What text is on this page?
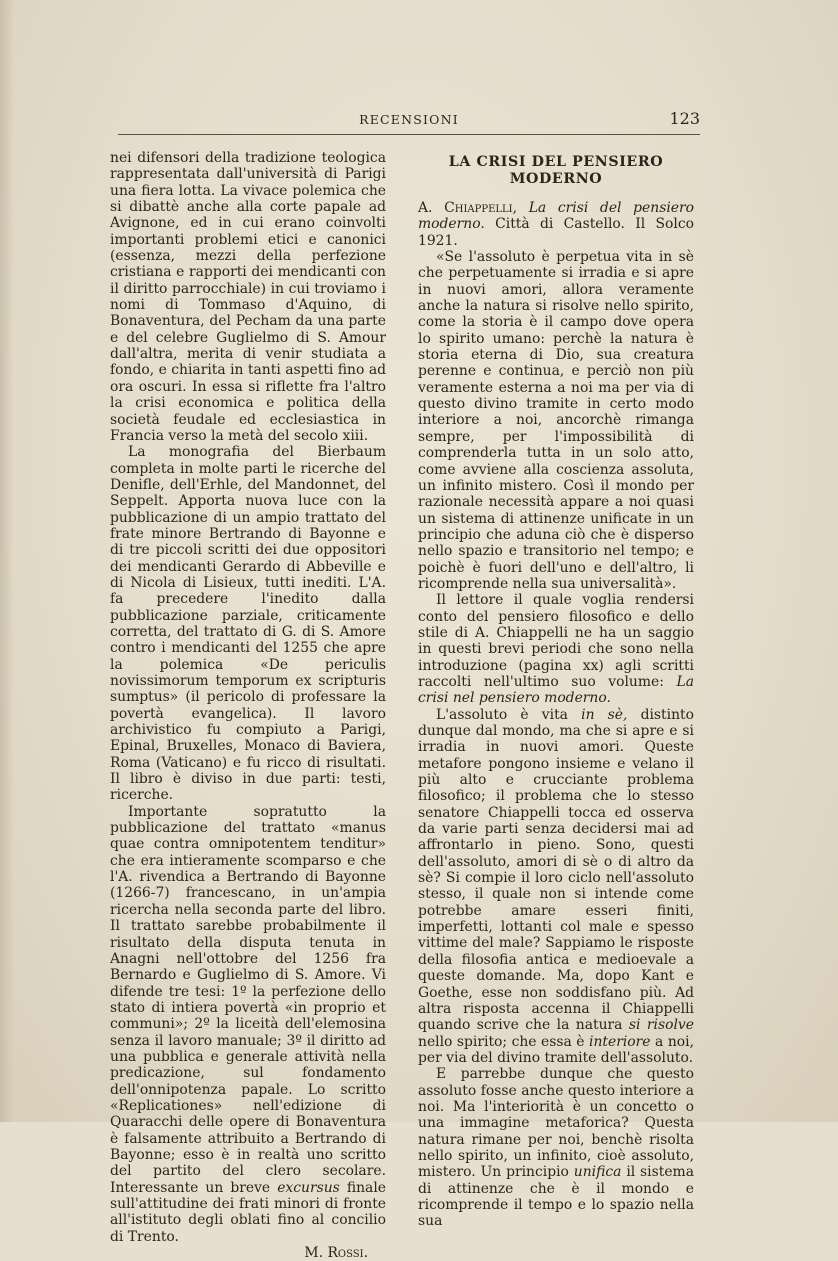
RECENSIONI	123

nei difensori della tradizione teologica rappresentata dall'università di Parigi una fiera lotta. La vivace polemica che si dibattè anche alla corte papale ad Avignone, ed in cui erano coinvolti importanti problemi etici e canonici (essenza, mezzi della perfezione cristiana e rapporti dei mendicanti con il diritto parrocchiale) in cui troviamo i nomi di Tommaso d'Aquino, di Bonaventura, del Pecham da una parte e del celebre Guglielmo di S. Amour dall'altra, merita di venir studiata a fondo, e chiarita in tanti aspetti fino ad ora oscuri. In essa si riflette fra l'altro la crisi economica e politica della società feudale ed ecclesiastica in Francia verso la metà del secolo xiii.

La monografia del Bierbaum completa in molte parti le ricerche del Denifle, dell'Erhle, del Mandonnet, del Seppelt. Apporta nuova luce con la pubblicazione di un ampio trattato del frate minore Bertrando di Bayonne e di tre piccoli scritti dei due oppositori dei mendicanti Gerardo di Abbeville e di Nicola di Lisieux, tutti inediti. L'A. fa precedere l'inedito dalla pubblicazione parziale, criticamente corretta, del trattato di G. di S. Amore contro i mendicanti del 1255 che apre la polemica «De periculis novissimorum temporum ex scripturis sumptus» (il pericolo di professare la povertà evangelica). Il lavoro archivistico fu compiuto a Parigi, Epinal, Bruxelles, Monaco di Baviera, Roma (Vaticano) e fu ricco di risultati. Il libro è diviso in due parti: testi, ricerche.

Importante sopratutto la pubblicazione del trattato «manus quae contra omnipotentem tenditur» che era intieramente scomparso e che l'A. rivendica a Bertrando di Bayonne (1266-7) francescano, in un'ampia ricercha nella seconda parte del libro. Il trattato sarebbe probabilmente il risultato della disputa tenuta in Anagni nell'ottobre del 1256 fra Bernardo e Guglielmo di S. Amore. Vi difende tre tesi: 1º la perfezione dello stato di intiera povertà «in proprio et communi»; 2º la liceità dell'elemosina senza il lavoro manuale; 3º il diritto ad una pubblica e generale attività nella predicazione, sul fondamento dell'onnipotenza papale. Lo scritto «Replicationes» nell'edizione di Quaracchi delle opere di Bonaventura è falsamente attribuito a Bertrando di Bayonne; esso è in realtà uno scritto del partito del clero secolare. Interessante un breve excursus finale sull'attitudine dei frati minori di fronte all'istituto degli oblati fino al concilio di Trento.

M. Rossi.
LA CRISI DEL PENSIERO MODERNO

A. Chiappelli, La crisi del pensiero moderno. Città di Castello. Il Solco 1921.

«Se l'assoluto è perpetua vita in sè che perpetuamente si irradia e si apre in nuovi amori, allora veramente anche la natura si risolve nello spirito, come la storia è il campo dove opera lo spirito umano: perchè la natura è storia eterna di Dio, sua creatura perenne e continua, e perciò non più veramente esterna a noi ma per via di questo divino tramite in certo modo interiore a noi, ancorchè rimanga sempre, per l'impossibilità di comprenderla tutta in un solo atto, come avviene alla coscienza assoluta, un infinito mistero. Così il mondo per razionale necessità appare a noi quasi un sistema di attinenze unificate in un principio che aduna ciò che è disperso nello spazio e transitorio nel tempo; e poichè è fuori dell'uno e dell'altro, li ricomprende nella sua universalità».

Il lettore il quale voglia rendersi conto del pensiero filosofico e dello stile di A. Chiappelli ne ha un saggio in questi brevi periodi che sono nella introduzione (pagina xx) agli scritti raccolti nell'ultimo suo volume: La crisi nel pensiero moderno.

L'assoluto è vita in sè, distinto dunque dal mondo, ma che si apre e si irradia in nuovi amori. Queste metafore pongono insieme e velano il più alto e crucciante problema filosofico; il problema che lo stesso senatore Chiappelli tocca ed osserva da varie parti senza decidersi mai ad affrontarlo in pieno. Sono, questi dell'assoluto, amori di sè o di altro da sè? Si compie il loro ciclo nell'assoluto stesso, il quale non si intende come potrebbe amare esseri finiti, imperfetti, lottanti col male e spesso vittime del male? Sappiamo le risposte della filosofia antica e medioevale a queste domande. Ma, dopo Kant e Goethe, esse non soddisfano più. Ad altra risposta accenna il Chiappelli quando scrive che la natura si risolve nello spirito; che essa è interiore a noi, per via del divino tramite dell'assoluto.

E parrebbe dunque che questo assoluto fosse anche questo interiore a noi. Ma l'interiorità è un concetto o una immagine metaforica? Questa natura rimane per noi, benchè risolta nello spirito, un infinito, cioè assoluto, mistero. Un principio unifica il sistema di attinenze che è il mondo e ricomprende il tempo e lo spazio nella sua
